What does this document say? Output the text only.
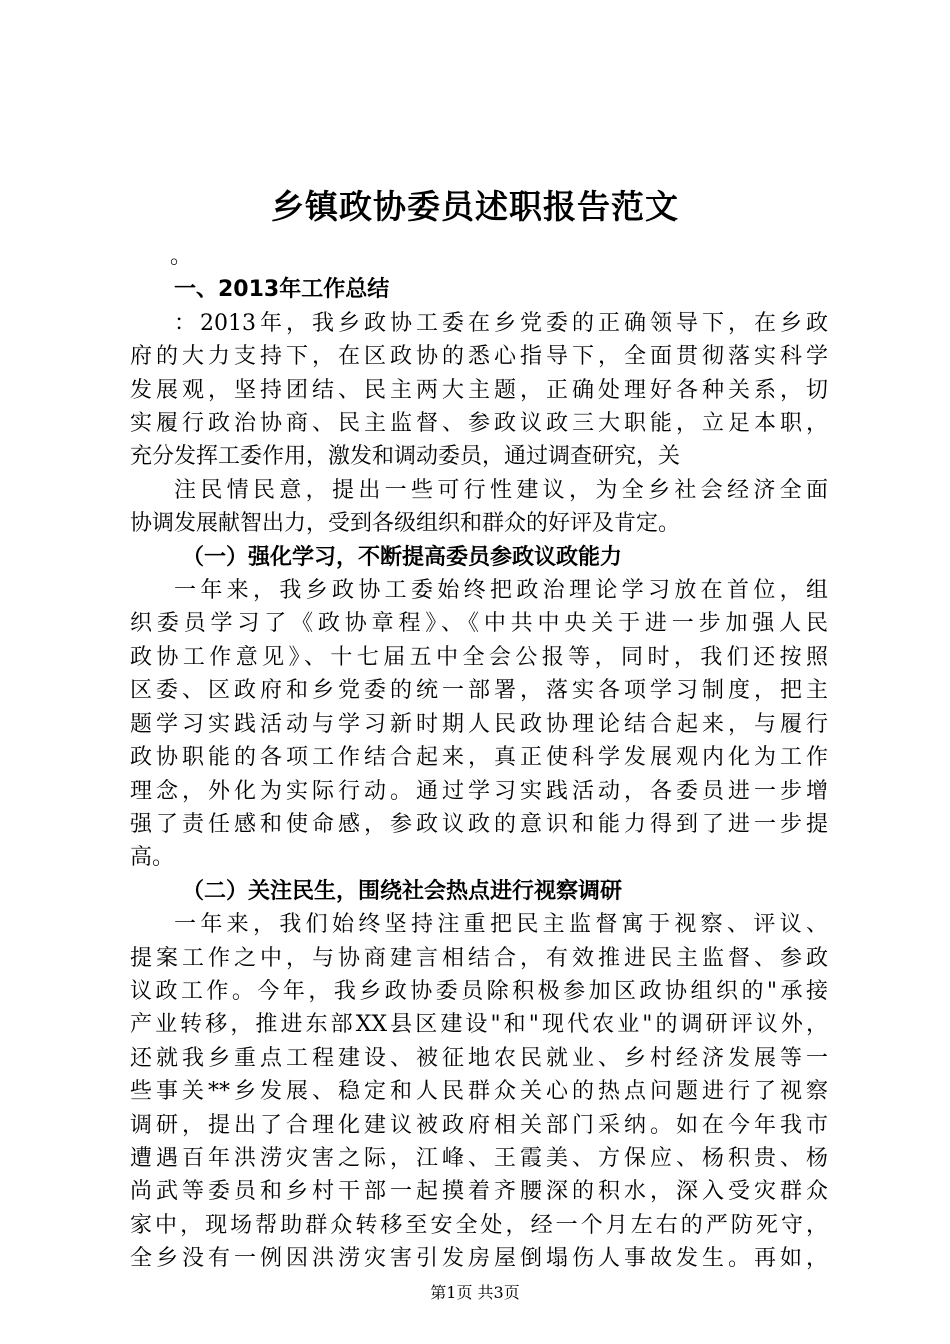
乡镇政协委员述职报告范文
。
一、2013年工作总结
：2013年，我乡政协工委在乡党委的正确领导下，在乡政
府的大力支持下，在区政协的悉心指导下，全面贯彻落实科学
发展观，坚持团结、民主两大主题，正确处理好各种关系，切
实履行政治协商、民主监督、参政议政三大职能，立足本职，
充分发挥工委作用，激发和调动委员，通过调查研究，关
注民情民意，提出一些可行性建议，为全乡社会经济全面
协调发展献智出力，受到各级组织和群众的好评及肯定。
（一）强化学习，不断提高委员参政议政能力
一年来，我乡政协工委始终把政治理论学习放在首位，组
织委员学习了《政协章程》、《中共中央关于进一步加强人民
政协工作意见》、十七届五中全会公报等，同时，我们还按照
区委、区政府和乡党委的统一部署，落实各项学习制度，把主
题学习实践活动与学习新时期人民政协理论结合起来，与履行
政协职能的各项工作结合起来，真正使科学发展观内化为工作
理念，外化为实际行动。通过学习实践活动，各委员进一步增
强了责任感和使命感，参政议政的意识和能力得到了进一步提
高。
（二）关注民生，围绕社会热点进行视察调研
一年来，我们始终坚持注重把民主监督寓于视察、评议、
提案工作之中，与协商建言相结合，有效推进民主监督、参政
议政工作。今年，我乡政协委员除积极参加区政协组织的"承接
产业转移，推进东部XX县区建设"和"现代农业"的调研评议外，
还就我乡重点工程建设、被征地农民就业、乡村经济发展等一
些事关**乡发展、稳定和人民群众关心的热点问题进行了视察
调研，提出了合理化建议被政府相关部门采纳。如在今年我市
遭遇百年洪涝灾害之际，江峰、王霞美、方保应、杨积贵、杨
尚武等委员和乡村干部一起摸着齐腰深的积水，深入受灾群众
家中，现场帮助群众转移至安全处，经一个月左右的严防死守，
全乡没有一例因洪涝灾害引发房屋倒塌伤人事故发生。再如，
第1页 共3页
